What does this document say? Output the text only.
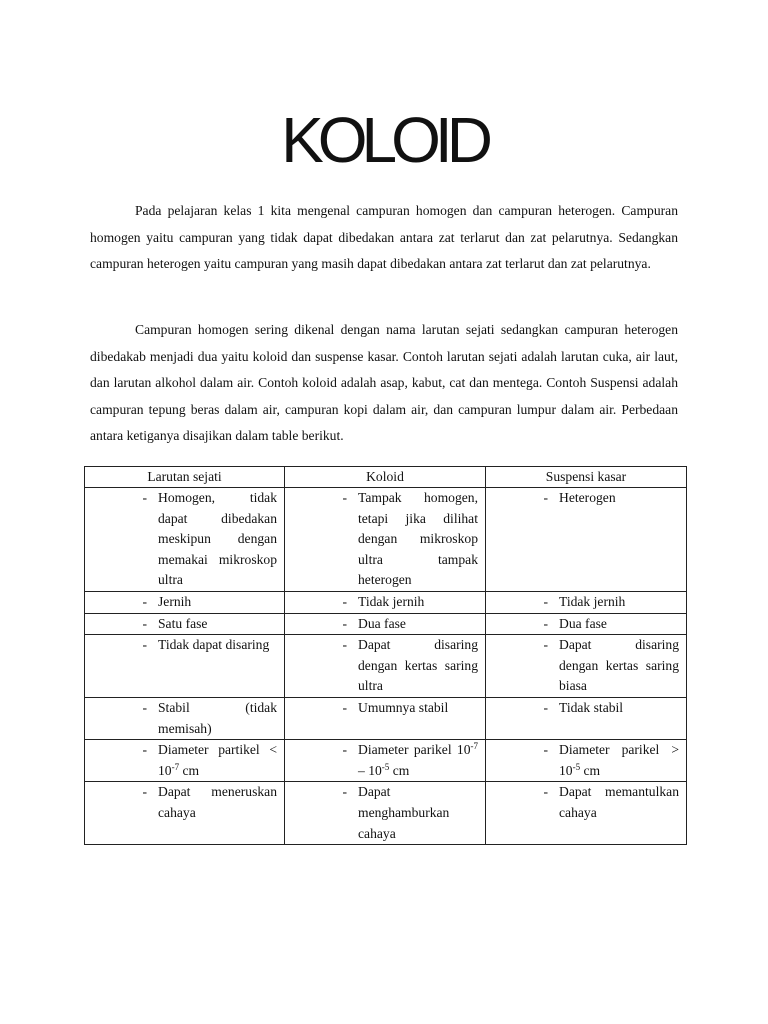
KOLOID

Pada pelajaran kelas 1 kita mengenal campuran homogen dan campuran heterogen. Campuran homogen yaitu campuran yang tidak dapat dibedakan antara zat terlarut dan zat pelarutnya. Sedangkan campuran heterogen yaitu campuran yang masih dapat dibedakan antara zat terlarut dan zat pelarutnya.

Campuran homogen sering dikenal dengan nama larutan sejati sedangkan campuran heterogen dibedakab menjadi dua yaitu koloid dan suspense kasar. Contoh larutan sejati adalah larutan cuka, air laut, dan larutan alkohol dalam air. Contoh koloid adalah asap, kabut, cat dan mentega. Contoh Suspensi adalah campuran tepung beras dalam air, campuran kopi dalam air, dan campuran lumpur dalam air. Perbedaan antara ketiganya disajikan dalam table berikut.

Larutan sejati	Koloid	Suspensi kasar

- Homogen, tidak dapat dibedakan meskipun dengan memakai mikroskop ultra	- Tampak homogen, tetapi jika dilihat dengan mikroskop ultra tampak heterogen	- Heterogen

- Jernih	- Tidak jernih	- Tidak jernih

- Satu fase	- Dua fase	- Dua fase

- Tidak dapat disaring	- Dapat disaring dengan kertas saring ultra	- Dapat disaring dengan kertas saring biasa

- Stabil (tidak memisah)	- Umumnya stabil	- Tidak stabil

- Diameter partikel < $10^{-7}$ cm	- Diameter parikel $10^{-7} - 10^{-5}$ cm	- Diameter parikel > $10^{-5}$ cm

- Dapat meneruskan cahaya	- Dapat menghamburkan cahaya	- Dapat memantulkan cahaya
